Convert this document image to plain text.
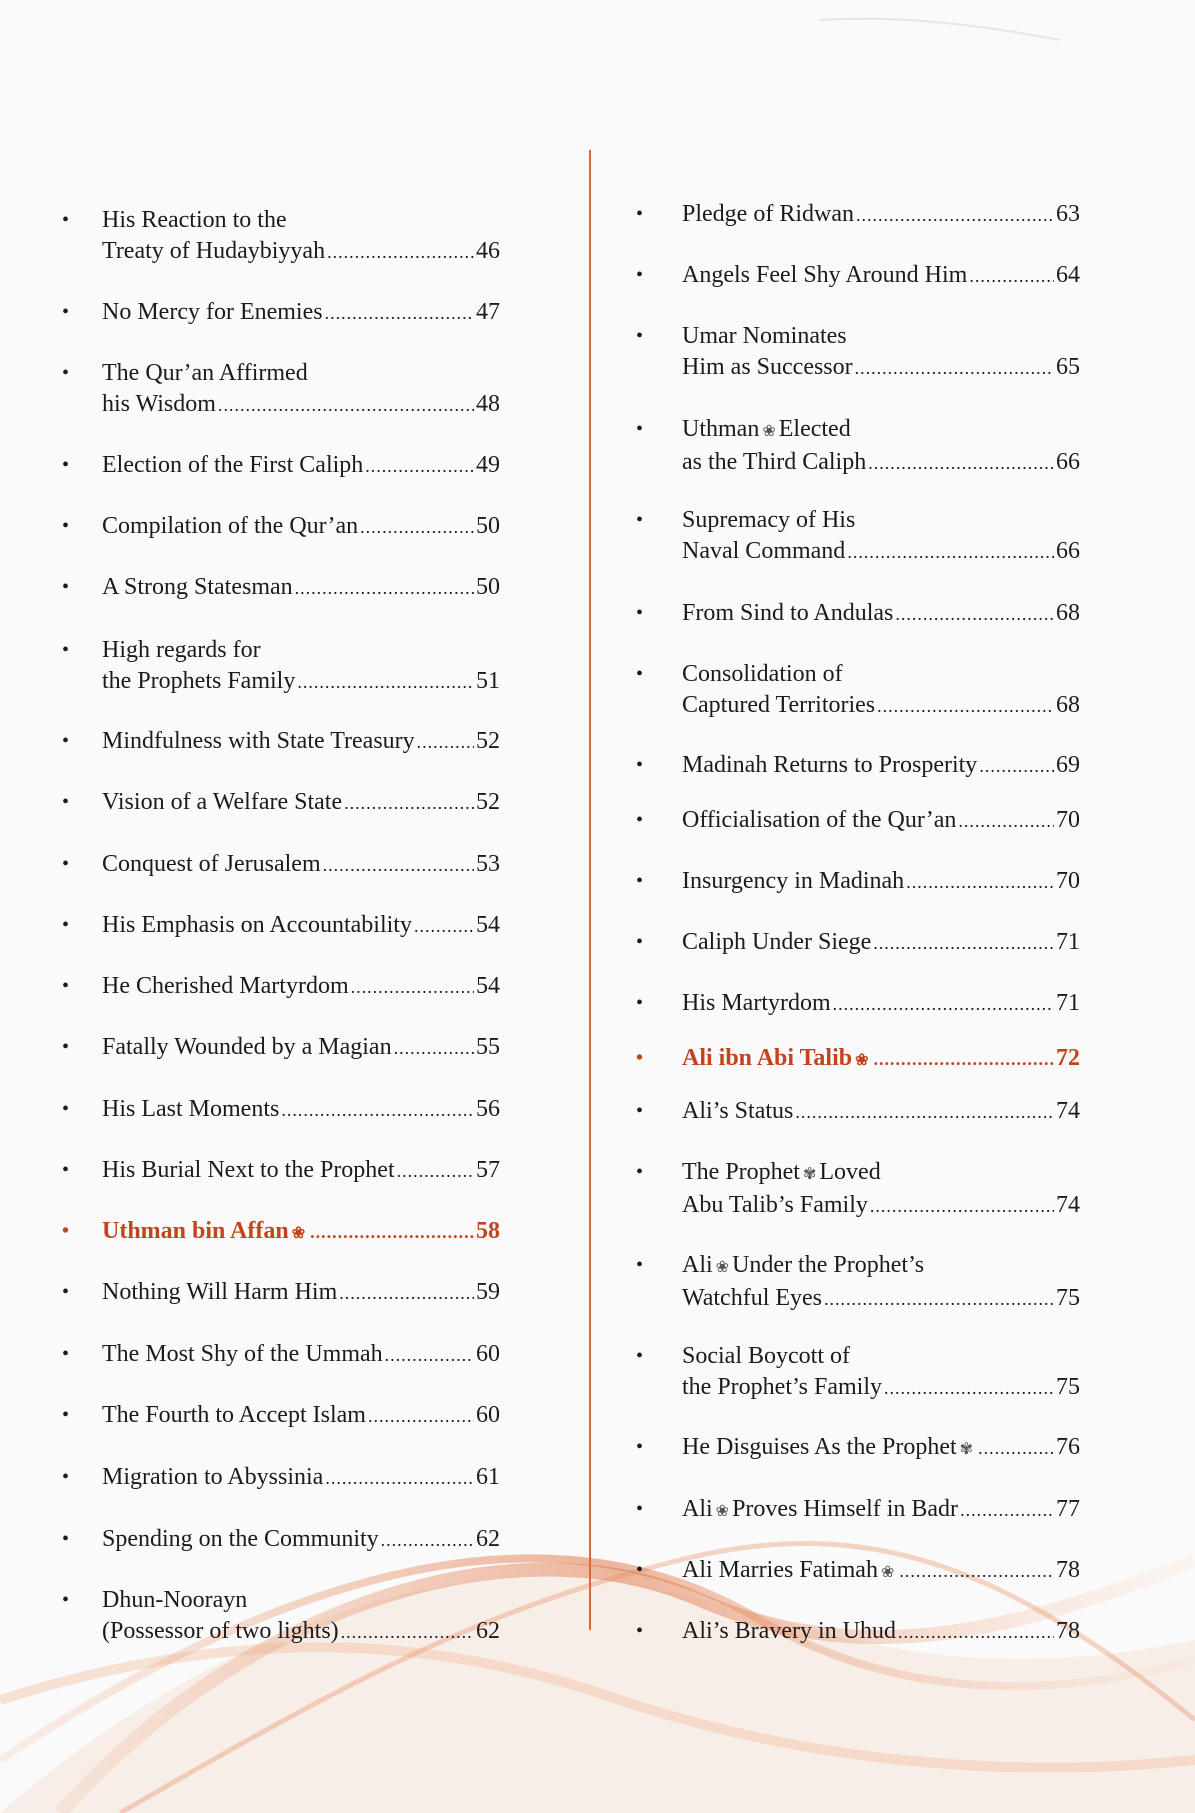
• His Reaction to the
Treaty of Hudaybiyyah .....	46
• No Mercy for Enemies .....	47
• The Qur’an Affirmed
his Wisdom .....	48
• Election of the First Caliph .....	49
• Compilation of the Qur’an .....	50
• A Strong Statesman .....	50
• High regards for
the Prophets Family .....	51
• Mindfulness with State Treasury .....	52
• Vision of a Welfare State .....	52
• Conquest of Jerusalem .....	53
• His Emphasis on Accountability .....	54
• He Cherished Martyrdom .....	54
• Fatally Wounded by a Magian .....	55
• His Last Moments .....	56
• His Burial Next to the Prophet .....	57
• Uthman bin Affan ❀ .....	58
• Nothing Will Harm Him .....	59
• The Most Shy of the Ummah .....	60
• The Fourth to Accept Islam .....	60
• Migration to Abyssinia .....	61
• Spending on the Community .....	62
• Dhun-Noorayn
(Possessor of two lights) .....	62
• Pledge of Ridwan .....	63
• Angels Feel Shy Around Him .....	64
• Umar Nominates
Him as Successor .....	65
• Uthman ❀ Elected
as the Third Caliph .....	66
• Supremacy of His
Naval Command .....	66
• From Sind to Andulas .....	68
• Consolidation of
Captured Territories .....	68
• Madinah Returns to Prosperity .....	69
• Officialisation of the Qur’an .....	70
• Insurgency in Madinah .....	70
• Caliph Under Siege .....	71
• His Martyrdom .....	71
• Ali ibn Abi Talib ❀ .....	72
• Ali’s Status .....	74
• The Prophet ✾ Loved
Abu Talib’s Family .....	74
• Ali ❀ Under the Prophet’s
Watchful Eyes .....	75
• Social Boycott of
the Prophet’s Family .....	75
• He Disguises As the Prophet ✾ .....	76
• Ali ❀ Proves Himself in Badr .....	77
• Ali Marries Fatimah ❀ .....	78
• Ali’s Bravery in Uhud .....	78
